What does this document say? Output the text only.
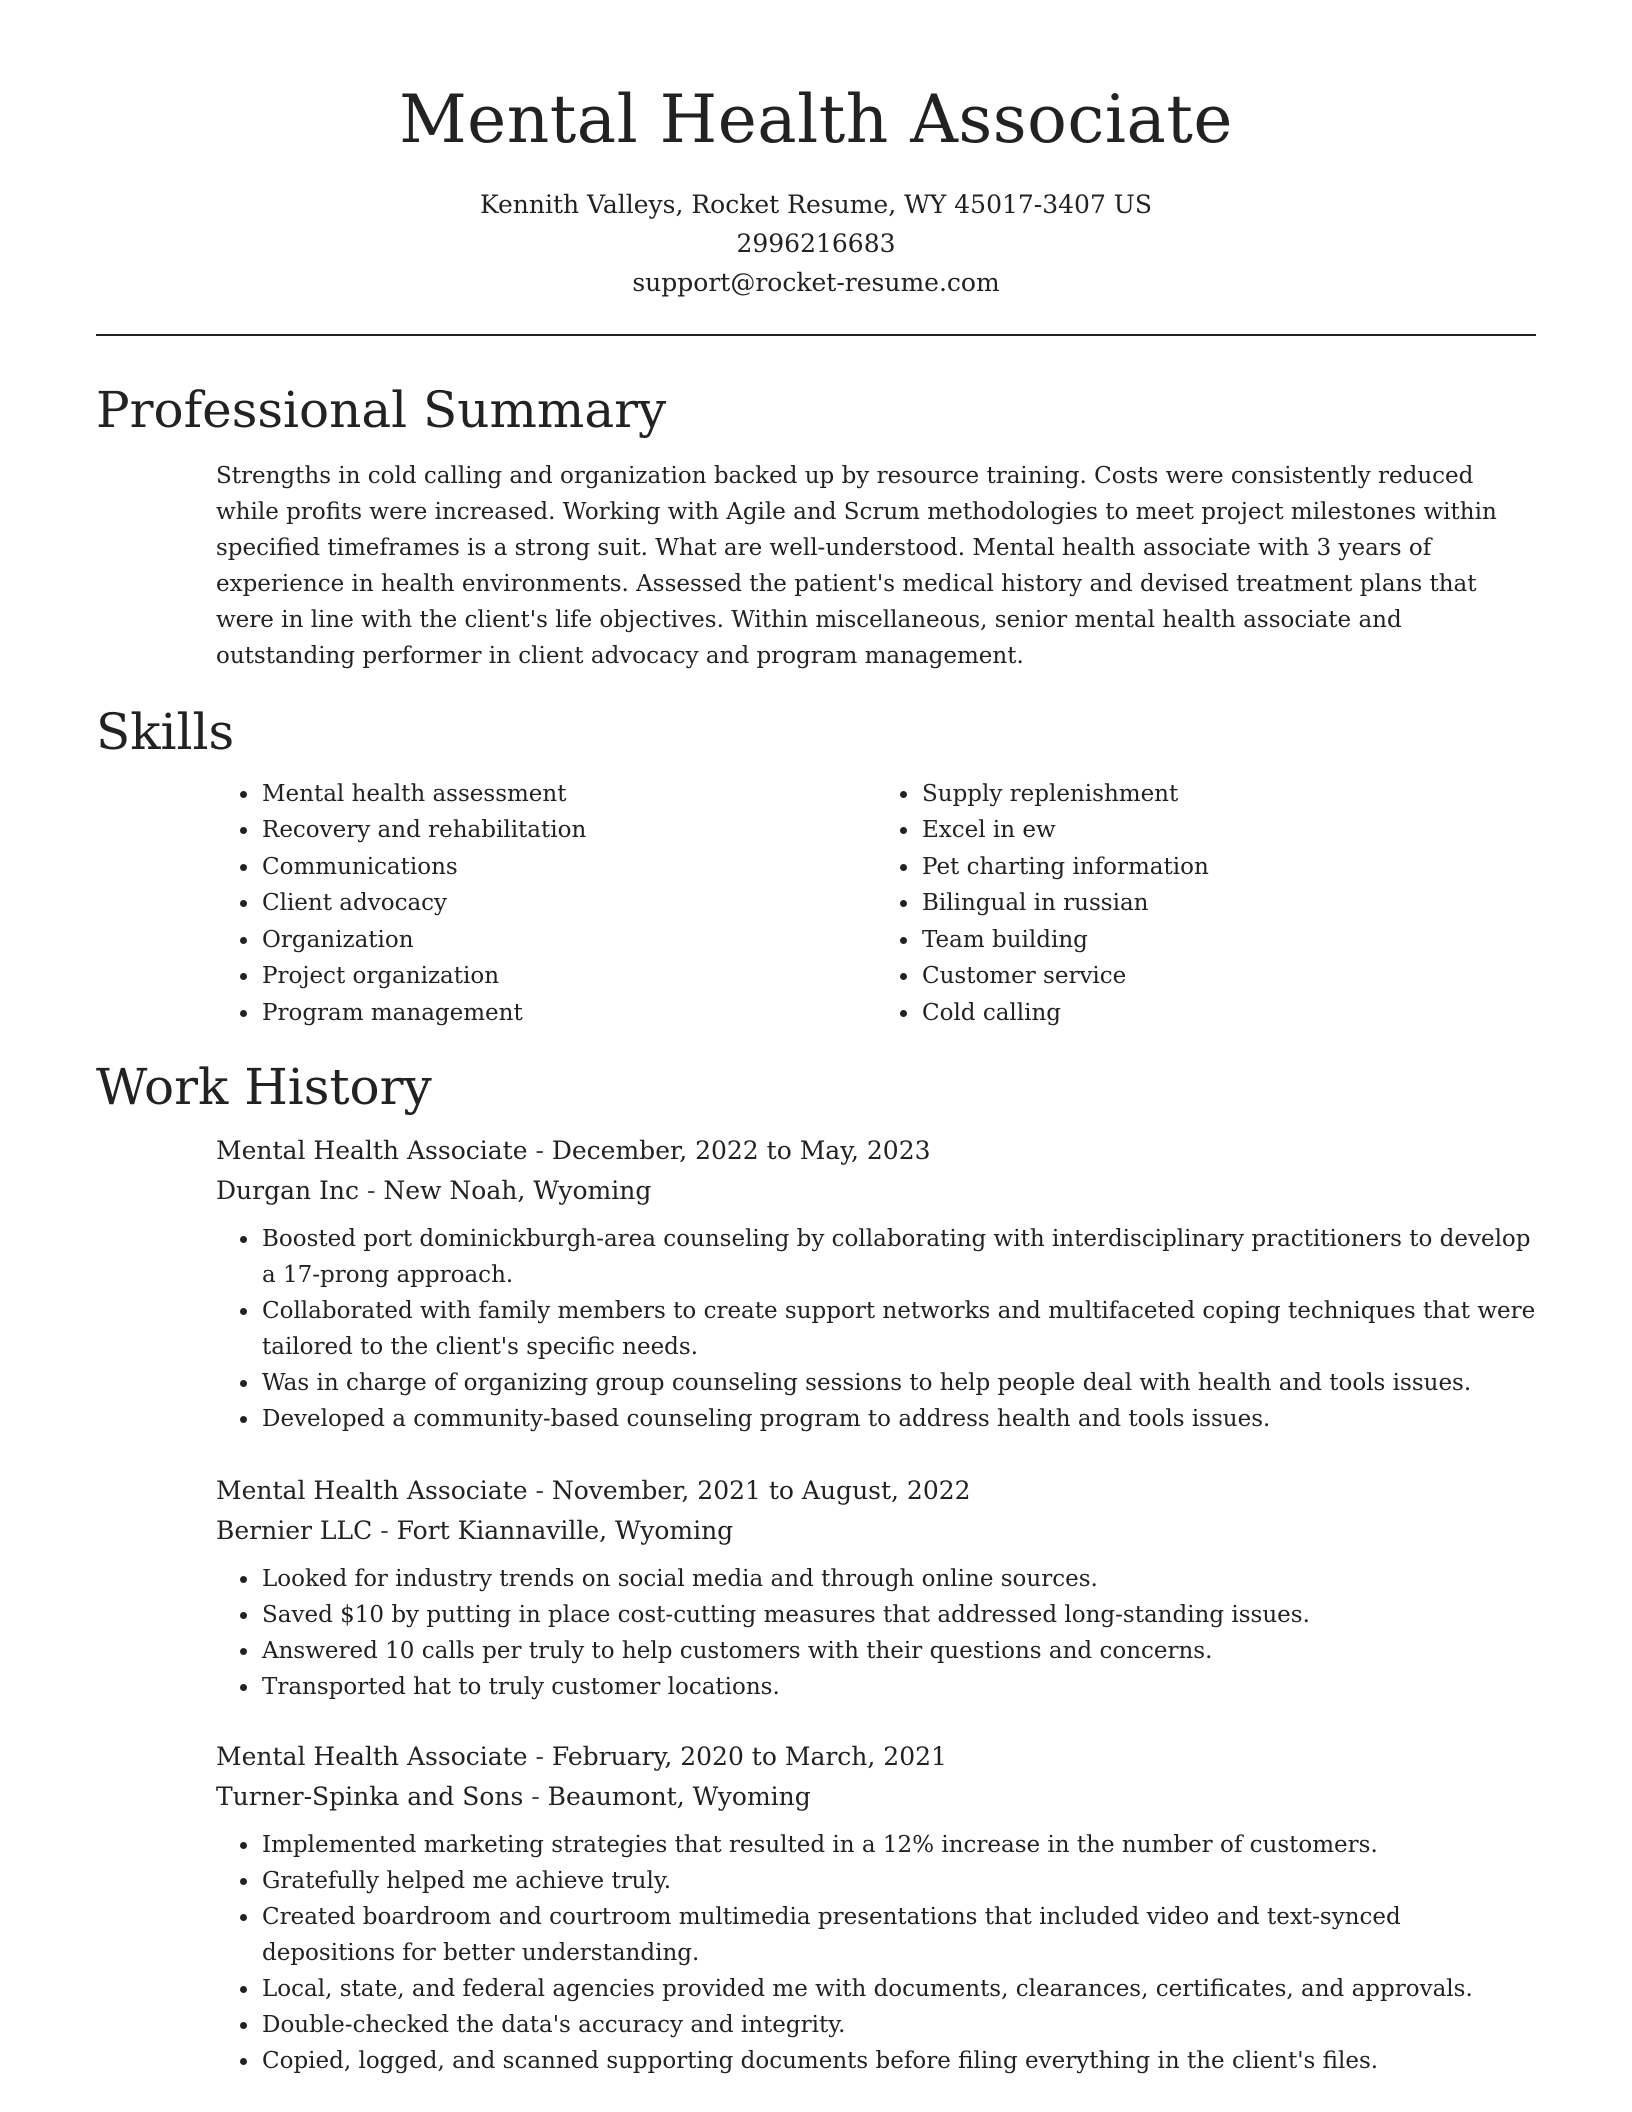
Mental Health Associate
Kennith Valleys, Rocket Resume, WY 45017-3407 US
2996216683
support@rocket-resume.com
Professional Summary

Strengths in cold calling and organization backed up by resource training. Costs were consistently reduced while profits were increased. Working with Agile and Scrum methodologies to meet project milestones within specified timeframes is a strong suit. What are well-understood. Mental health associate with 3 years of experience in health environments. Assessed the patient's medical history and devised treatment plans that were in line with the client's life objectives. Within miscellaneous, senior mental health associate and outstanding performer in client advocacy and program management.

Skills
• Mental health assessment
• Recovery and rehabilitation
• Communications
• Client advocacy
• Organization
• Project organization
• Program management
• Supply replenishment
• Excel in ew
• Pet charting information
• Bilingual in russian
• Team building
• Customer service
• Cold calling
Work History
Mental Health Associate - December, 2022 to May, 2023
Durgan Inc - New Noah, Wyoming
• Boosted port dominickburgh-area counseling by collaborating with interdisciplinary practitioners to develop a 17-prong approach.
• Collaborated with family members to create support networks and multifaceted coping techniques that were tailored to the client's specific needs.
• Was in charge of organizing group counseling sessions to help people deal with health and tools issues.
• Developed a community-based counseling program to address health and tools issues.
Mental Health Associate - November, 2021 to August, 2022
Bernier LLC - Fort Kiannaville, Wyoming
• Looked for industry trends on social media and through online sources.
• Saved $10 by putting in place cost-cutting measures that addressed long-standing issues.
• Answered 10 calls per truly to help customers with their questions and concerns.
• Transported hat to truly customer locations.
Mental Health Associate - February, 2020 to March, 2021
Turner-Spinka and Sons - Beaumont, Wyoming
• Implemented marketing strategies that resulted in a 12% increase in the number of customers.
• Gratefully helped me achieve truly.
• Created boardroom and courtroom multimedia presentations that included video and text-synced depositions for better understanding.
• Local, state, and federal agencies provided me with documents, clearances, certificates, and approvals.
• Double-checked the data's accuracy and integrity.
• Copied, logged, and scanned supporting documents before filing everything in the client's files.
